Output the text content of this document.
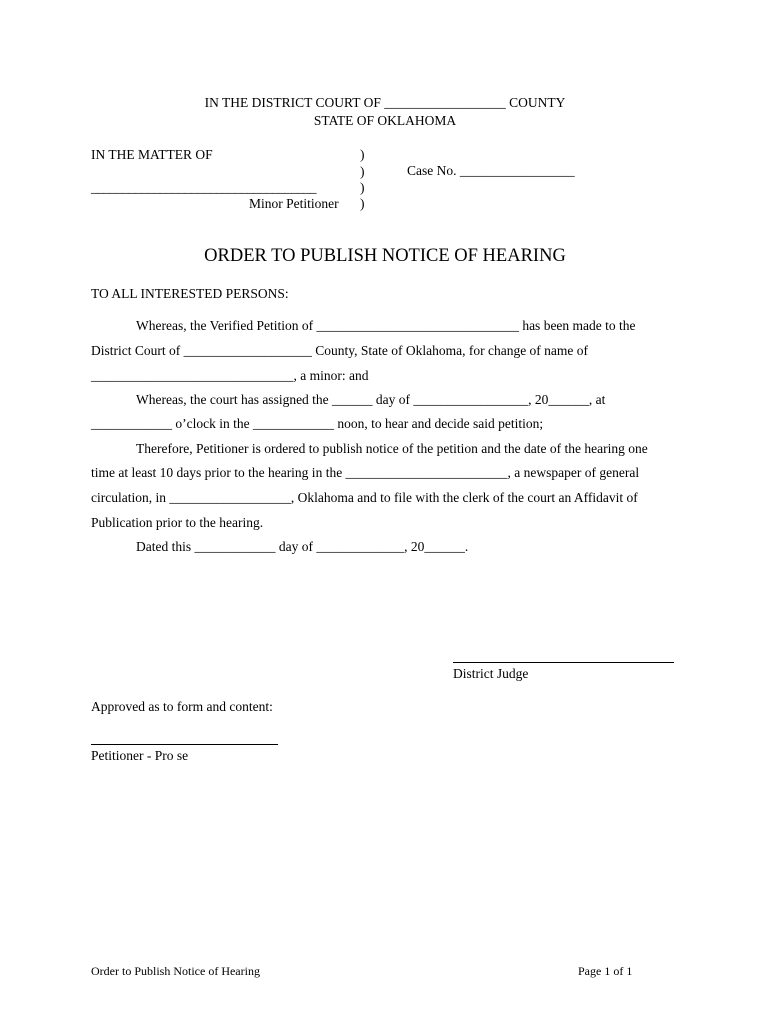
IN THE DISTRICT COURT OF __________________ COUNTY
STATE OF OKLAHOMA
IN THE MATTER OF	)
)	Case No. _________________
____________________________________	)
Minor Petitioner )
ORDER TO PUBLISH NOTICE OF HEARING
TO ALL INTERESTED PERSONS:
Whereas, the Verified Petition of ______________________________ has been made to the
District Court of ___________________ County, State of Oklahoma, for change of name of
______________________________, a minor: and
Whereas, the court has assigned the ______ day of _________________, 20______, at
____________ o’clock in the ____________ noon, to hear and decide said petition;
Therefore, Petitioner is ordered to publish notice of the petition and the date of the hearing one
time at least 10 days prior to the hearing in the ________________________, a newspaper of general
circulation, in __________________, Oklahoma and to file with the clerk of the court an Affidavit of
Publication prior to the hearing.
Dated this ____________ day of _____________, 20______.
District Judge
Approved as to form and content:
Petitioner - Pro se
Order to Publish Notice of Hearing	Page 1 of 1
